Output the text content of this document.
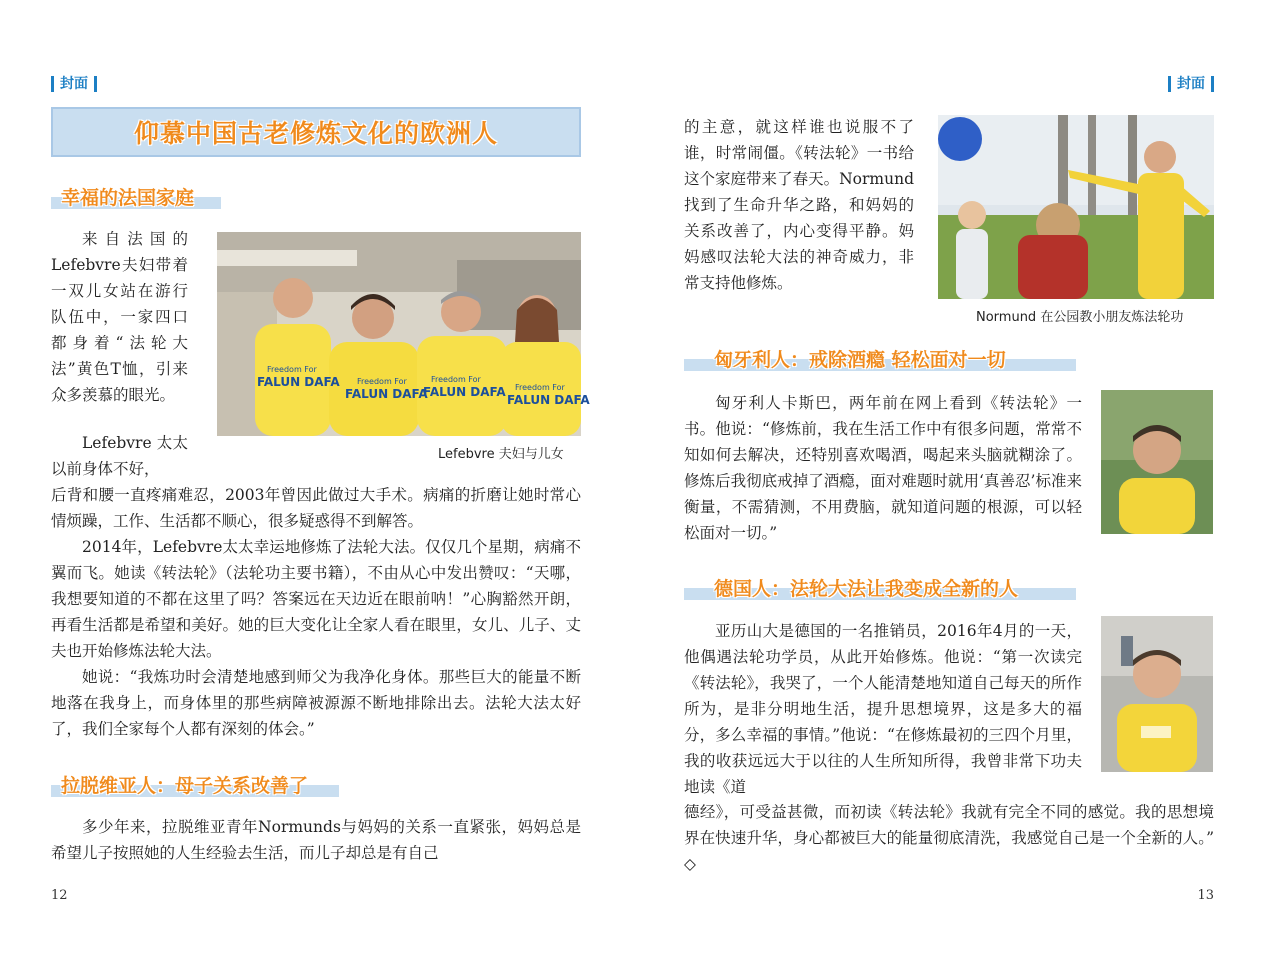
封面
仰慕中国古老修炼文化的欧洲人
幸福的法国家庭

来自法国的Lefebvre夫妇带着一双儿女站在游行队伍中，一家四口都身着“法轮大法”黄色T恤，引来众多羡慕的眼光。

Lefebvre 太太以前身体不好，

Freedom For
FALUN DAFA
Freedom For
FALUN DAFA
Freedom For
FALUN DAFA	Freedom For
FALUN DAFA
Lefebvre 夫妇与儿女

后背和腰一直疼痛难忍，2003年曾因此做过大手术。病痛的折磨让她时常心情烦躁，工作、生活都不顺心，很多疑惑得不到解答。

2014年，Lefebvre太太幸运地修炼了法轮大法。仅仅几个星期，病痛不翼而飞。她读《转法轮》（法轮功主要书籍），不由从心中发出赞叹：“天哪，我想要知道的不都在这里了吗？答案远在天边近在眼前呐！”心胸豁然开朗，再看生活都是希望和美好。她的巨大变化让全家人看在眼里，女儿、儿子、丈夫也开始修炼法轮大法。

她说：“我炼功时会清楚地感到师父为我净化身体。那些巨大的能量不断地落在我身上，而身体里的那些病障被源源不断地排除出去。法轮大法太好了，我们全家每个人都有深刻的体会。”

拉脱维亚人：母子关系改善了

多少年来，拉脱维亚青年Normunds与妈妈的关系一直紧张，妈妈总是希望儿子按照她的人生经验去生活，而儿子却总是有自己

12
封面

的主意，就这样谁也说服不了谁，时常闹僵。《转法轮》一书给这个家庭带来了春天。Normund找到了生命升华之路，和妈妈的关系改善了，内心变得平静。妈妈感叹法轮大法的神奇威力，非常支持他修炼。

Normund 在公园教小朋友炼法轮功
匈牙利人：戒除酒瘾 轻松面对一切

匈牙利人卡斯巴，两年前在网上看到《转法轮》一书。他说：“修炼前，我在生活工作中有很多问题，常常不知如何去解决，还特别喜欢喝酒，喝起来头脑就糊涂了。修炼后我彻底戒掉了酒瘾，面对难题时就用‘真善忍’标准来衡量，不需猜测，不用费脑，就知道问题的根源，可以轻松面对一切。”

德国人：法轮大法让我变成全新的人

亚历山大是德国的一名推销员，2016年4月的一天，他偶遇法轮功学员，从此开始修炼。他说：“第一次读完《转法轮》，我哭了，一个人能清楚地知道自己每天的所作所为，是非分明地生活，提升思想境界，这是多大的福分，多么幸福的事情。”他说：“在修炼最初的三四个月里，我的收获远远大于以往的人生所知所得，我曾非常下功夫地读《道

德经》，可受益甚微，而初读《转法轮》我就有完全不同的感觉。我的思想境界在快速升华，身心都被巨大的能量彻底清洗，我感觉自己是一个全新的人。” ◇

13
